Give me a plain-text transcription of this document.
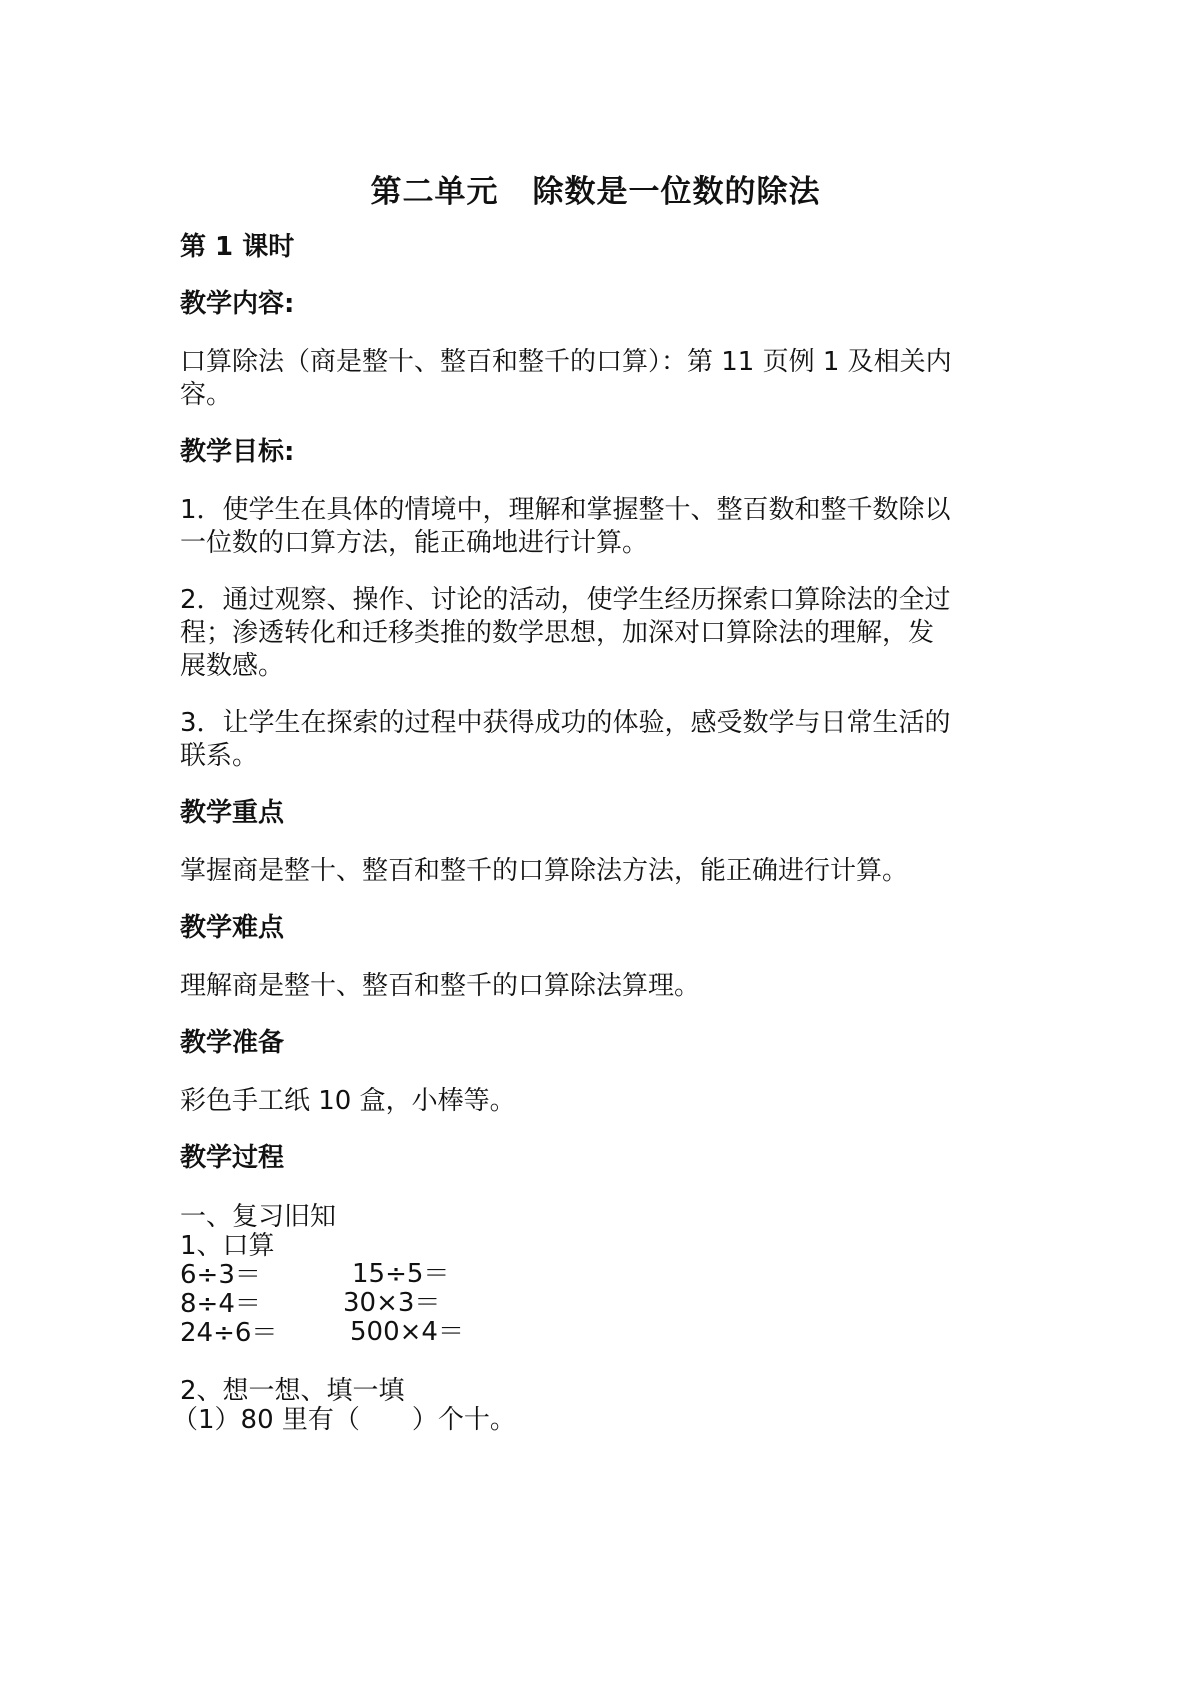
第二单元 除数是一位数的除法
第 1 课时
教学内容:
口算除法（商是整十、整百和整千的口算）：第 11 页例 1 及相关内
容。
教学目标:
1．使学生在具体的情境中，理解和掌握整十、整百数和整千数除以
一位数的口算方法，能正确地进行计算。
2．通过观察、操作、讨论的活动，使学生经历探索口算除法的全过
程；渗透转化和迁移类推的数学思想，加深对口算除法的理解，发
展数感。
3．让学生在探索的过程中获得成功的体验，感受数学与日常生活的
联系。
教学重点
掌握商是整十、整百和整千的口算除法方法，能正确进行计算。
教学难点
理解商是整十、整百和整千的口算除法算理。
教学准备
彩色手工纸 10 盒，小棒等。
教学过程
一、复习旧知
1、口算
6÷3＝	15÷5＝
8÷4＝	30×3＝
24÷6＝	500×4＝
2、想一想、填一填
（1）80 里有（　　）个十。
